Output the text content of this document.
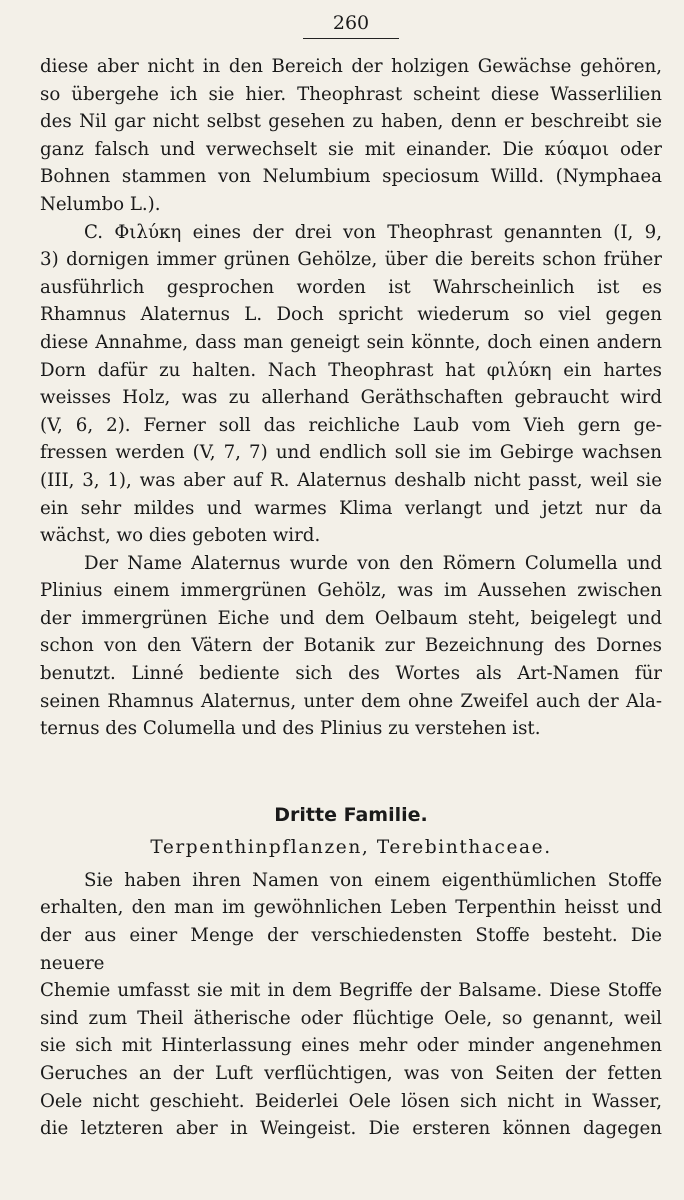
260

diese aber nicht in den Bereich der holzigen Gewächse gehören,

so übergehe ich sie hier. Theophrast scheint diese Wasserlilien

des Nil gar nicht selbst gesehen zu haben, denn er beschreibt sie

ganz falsch und verwechselt sie mit einander. Die κύαμοι oder

Bohnen stammen von Nelumbium speciosum Willd. (Nymphaea

Nelumbo L.).

C. Φιλύκη eines der drei von Theophrast genannten (I, 9,

3) dornigen immer grünen Gehölze, über die bereits schon früher

ausführlich gesprochen worden ist Wahrscheinlich ist es

Rhamnus Alaternus L. Doch spricht wiederum so viel gegen

diese Annahme, dass man geneigt sein könnte, doch einen andern

Dorn dafür zu halten. Nach Theophrast hat φιλύκη ein hartes

weisses Holz, was zu allerhand Geräthschaften gebraucht wird

(V, 6, 2). Ferner soll das reichliche Laub vom Vieh gern ge-

fressen werden (V, 7, 7) und endlich soll sie im Gebirge wachsen

(III, 3, 1), was aber auf R. Alaternus deshalb nicht passt, weil sie

ein sehr mildes und warmes Klima verlangt und jetzt nur da

wächst, wo dies geboten wird.

Der Name Alaternus wurde von den Römern Columella und

Plinius einem immergrünen Gehölz, was im Aussehen zwischen

der immergrünen Eiche und dem Oelbaum steht, beigelegt und

schon von den Vätern der Botanik zur Bezeichnung des Dornes

benutzt. Linné bediente sich des Wortes als Art-Namen für

seinen Rhamnus Alaternus, unter dem ohne Zweifel auch der Ala-

ternus des Columella und des Plinius zu verstehen ist.

Dritte Familie.
Terpenthinpflanzen, Terebinthaceae.

Sie haben ihren Namen von einem eigenthümlichen Stoffe

erhalten, den man im gewöhnlichen Leben Terpenthin heisst und

der aus einer Menge der verschiedensten Stoffe besteht. Die neuere

Chemie umfasst sie mit in dem Begriffe der Balsame. Diese Stoffe

sind zum Theil ätherische oder flüchtige Oele, so genannt, weil

sie sich mit Hinterlassung eines mehr oder minder angenehmen

Geruches an der Luft verflüchtigen, was von Seiten der fetten

Oele nicht geschieht. Beiderlei Oele lösen sich nicht in Wasser,

die letzteren aber in Weingeist. Die ersteren können dagegen
